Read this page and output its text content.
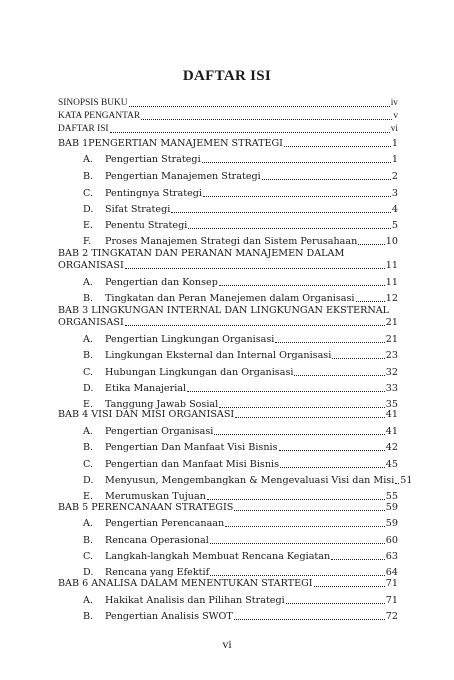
DAFTAR ISI
SINOPSIS BUKU	iv
KATA PENGANTAR	v
DAFTAR ISI	vi
BAB 1PENGERTIAN MANAJEMEN STRATEGI	1
A.	Pengertian Strategi	1
B.	Pengertian Manajemen Strategi	2
C.	Pentingnya Strategi	3
D.	Sifat Strategi	4
E.	Penentu Strategi	5
F.	Proses Manajemen Strategi dan Sistem Perusahaan	10
BAB 2 TINGKATAN DAN PERANAN MANAJEMEN DALAM
ORGANISASI	11
A.	Pengertian dan Konsep	11
B.	Tingkatan dan Peran Manejemen dalam Organisasi	12
BAB 3 LINGKUNGAN INTERNAL DAN LINGKUNGAN EKSTERNAL
ORGANISASI	21
A.	Pengertian Lingkungan Organisasi	21
B.	Lingkungan Eksternal dan Internal Organisasi	23
C.	Hubungan Lingkungan dan Organisasi	32
D.	Etika Manajerial	33
E.	Tanggung Jawab Sosial	35
BAB 4 VISI DAN MISI ORGANISASI	41
A.	Pengertian Organisasi	41
B.	Pengertian Dan Manfaat Visi Bisnis	42
C.	Pengertian dan Manfaat Misi Bisnis	45
D.	Menyusun, Mengembangkan & Mengevaluasi Visi dan Misi 51
E.	Merumuskan Tujuan	55
BAB 5 PERENCANAAN STRATEGIS	59
A.	Pengertian Perencanaan	59
B.	Rencana Operasional	60
C.	Langkah-langkah Membuat Rencana Kegiatan	63
D.	Rencana yang Efektif	64
BAB 6 ANALISA DALAM MENENTUKAN STARTEGI	71
A.	Hakikat Analisis dan Pilihan Strategi	71
B.	Pengertian Analisis SWOT	72
vi
